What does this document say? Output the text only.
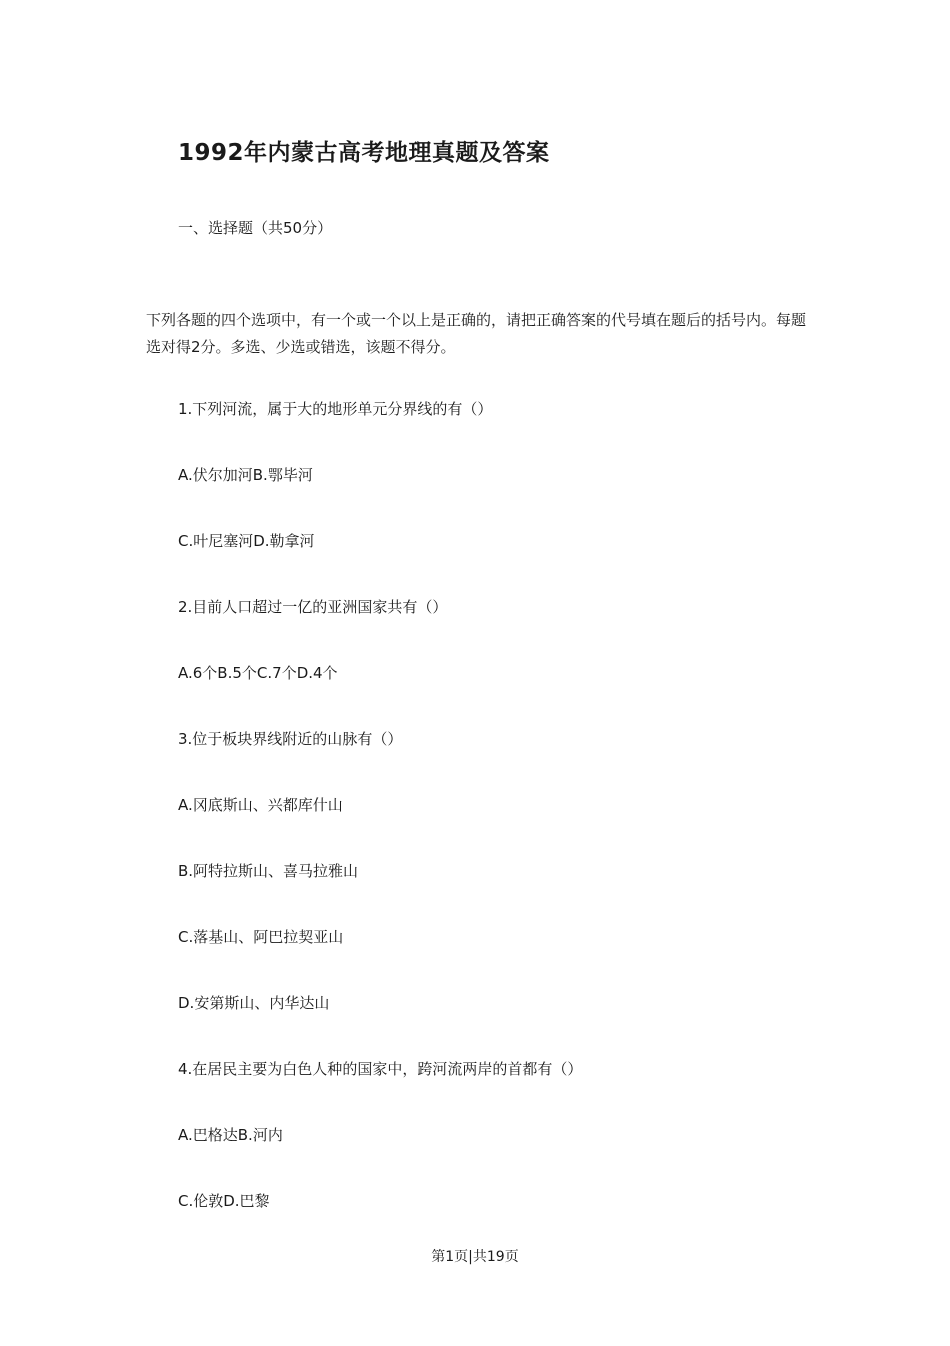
1992年内蒙古高考地理真题及答案
一、选择题（共50分）

下列各题的四个选项中，有一个或一个以上是正确的，请把正确答案的代号填在题后的括号内。每题选对得2分。多选、少选或错选，该题不得分。

1.下列河流，属于大的地形单元分界线的有（）
A.伏尔加河B.鄂毕河
C.叶尼塞河D.勒拿河
2.目前人口超过一亿的亚洲国家共有（）
A.6个B.5个C.7个D.4个
3.位于板块界线附近的山脉有（）
A.冈底斯山、兴都库什山
B.阿特拉斯山、喜马拉雅山
C.落基山、阿巴拉契亚山
D.安第斯山、内华达山
4.在居民主要为白色人种的国家中，跨河流两岸的首都有（）
A.巴格达B.河内
C.伦敦D.巴黎
第1页|共19页
